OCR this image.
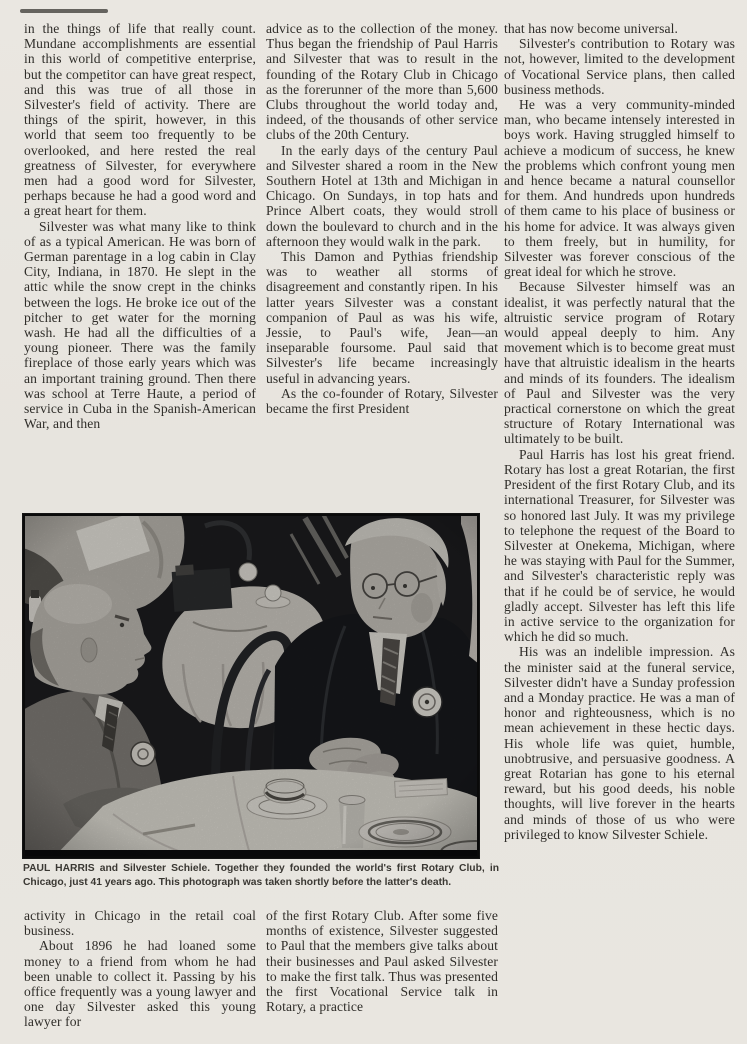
in the things of life that really count. Mundane accomplishments are essential in this world of competitive enterprise, but the competitor can have great respect, and this was true of all those in Silvester's field of activity. There are things of the spirit, however, in this world that seem too frequently to be overlooked, and here rested the real greatness of Silvester, for everywhere men had a good word for Silvester, perhaps because he had a good word and a great heart for them.

Silvester was what many like to think of as a typical American. He was born of German parentage in a log cabin in Clay City, Indiana, in 1870. He slept in the attic while the snow crept in the chinks between the logs. He broke ice out of the pitcher to get water for the morning wash. He had all the difficulties of a young pioneer. There was the family fireplace of those early years which was an important training ground. Then there was school at Terre Haute, a period of service in Cuba in the Spanish-American War, and then

advice as to the collection of the money. Thus began the friendship of Paul Harris and Silvester that was to result in the founding of the Rotary Club in Chicago as the forerunner of the more than 5,600 Clubs throughout the world today and, indeed, of the thousands of other service clubs of the 20th Century.

In the early days of the century Paul and Silvester shared a room in the New Southern Hotel at 13th and Michigan in Chicago. On Sundays, in top hats and Prince Albert coats, they would stroll down the boulevard to church and in the afternoon they would walk in the park.

This Damon and Pythias friendship was to weather all storms of disagreement and constantly ripen. In his latter years Silvester was a constant companion of Paul as was his wife, Jessie, to Paul's wife, Jean—an inseparable foursome. Paul said that Silvester's life became increasingly useful in advancing years.

As the co-founder of Rotary, Silvester became the first President

that has now become universal.

Silvester's contribution to Rotary was not, however, limited to the development of Vocational Service plans, then called business methods.

He was a very community-minded man, who became intensely interested in boys work. Having struggled himself to achieve a modicum of success, he knew the problems which confront young men and hence became a natural counsellor for them. And hundreds upon hundreds of them came to his place of business or his home for advice. It was always given to them freely, but in humility, for Silvester was forever conscious of the great ideal for which he strove.

Because Silvester himself was an idealist, it was perfectly natural that the altruistic service program of Rotary would appeal deeply to him. Any movement which is to become great must have that altruistic idealism in the hearts and minds of its founders. The idealism of Paul and Silvester was the very practical cornerstone on which the great structure of Rotary International was ultimately to be built.

Paul Harris has lost his great friend. Rotary has lost a great Rotarian, the first President of the first Rotary Club, and its international Treasurer, for Silvester was so honored last July. It was my privilege to telephone the request of the Board to Silvester at Onekema, Michigan, where he was staying with Paul for the Summer, and Silvester's characteristic reply was that if he could be of service, he would gladly accept. Silvester has left this life in active service to the organization for which he did so much.

His was an indelible impression. As the minister said at the funeral service, Silvester didn't have a Sunday profession and a Monday practice. He was a man of honor and righteousness, which is no mean achievement in these hectic days. His whole life was quiet, humble, unobtrusive, and persuasive goodness. A great Rotarian has gone to his eternal reward, but his good deeds, his noble thoughts, will live forever in the hearts and minds of those of us who were privileged to know Silvester Schiele.

PAUL HARRIS and Silvester Schiele. Together they founded the world's first Rotary Club, in Chicago, just 41 years ago. This photograph was taken shortly before the latter's death.

activity in Chicago in the retail coal business.

About 1896 he had loaned some money to a friend from whom he had been unable to collect it. Passing by his office frequently was a young lawyer and one day Silvester asked this young lawyer for

of the first Rotary Club. After some five months of existence, Silvester suggested to Paul that the members give talks about their businesses and Paul asked Silvester to make the first talk. Thus was presented the first Vocational Service talk in Rotary, a practice
